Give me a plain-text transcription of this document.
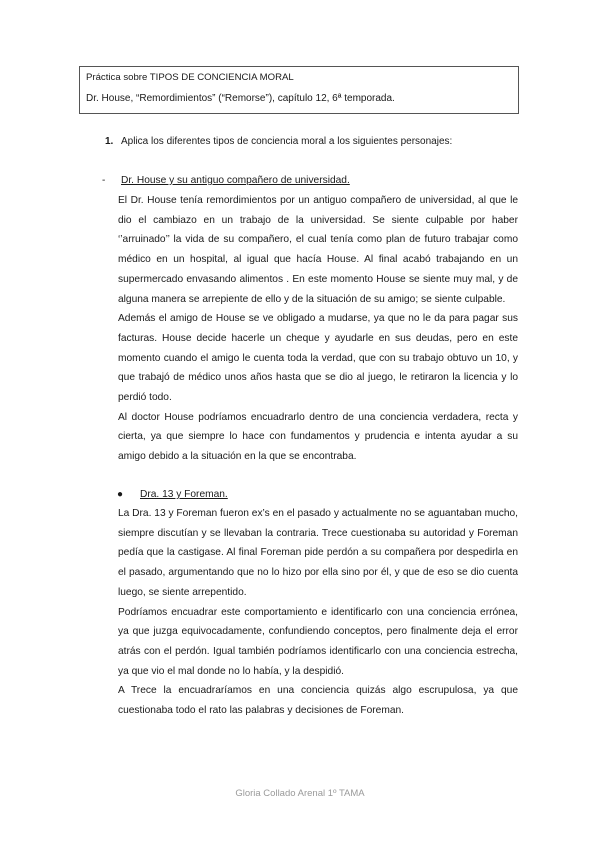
Práctica sobre TIPOS DE CONCIENCIA MORAL
Dr. House, “Remordimientos” (“Remorse”), capítulo 12, 6ª temporada.
1. Aplica los diferentes tipos de conciencia moral a los siguientes personajes:
- Dr. House y su antiguo compañero de universidad.

El Dr. House tenía remordimientos por un antiguo compañero de universidad, al que le dio el cambiazo en un trabajo de la universidad. Se siente culpable por haber ‘’arruinado’’ la vida de su compañero, el cual tenía como plan de futuro trabajar como médico en un hospital, al igual que hacía House. Al final acabó trabajando en un supermercado envasando alimentos . En este momento House se siente muy mal, y de alguna manera se arrepiente de ello y de la situación de su amigo; se siente culpable.

Además el amigo de House se ve obligado a mudarse, ya que no le da para pagar sus facturas. House decide hacerle un cheque y ayudarle en sus deudas, pero en este momento cuando el amigo le cuenta toda la verdad, que con su trabajo obtuvo un 10, y que trabajó de médico unos años hasta que se dio al juego, le retiraron la licencia y lo perdió todo.

Al doctor House podríamos encuadrarlo dentro de una conciencia verdadera, recta y cierta, ya que siempre lo hace con fundamentos y prudencia e intenta ayudar a su amigo debido a la situación en la que se encontraba.

● Dra. 13 y Foreman.

La Dra. 13 y Foreman fueron ex’s en el pasado y actualmente no se aguantaban mucho, siempre discutían y se llevaban la contraria. Trece cuestionaba su autoridad y Foreman pedía que la castigase. Al final Foreman pide perdón a su compañera por despedirla en el pasado, argumentando que no lo hizo por ella sino por él, y que de eso se dio cuenta luego, se siente arrepentido.

Podríamos encuadrar este comportamiento e identificarlo con una conciencia errónea, ya que juzga equivocadamente, confundiendo conceptos, pero finalmente deja el error atrás con el perdón. Igual también podríamos identificarlo con una conciencia estrecha, ya que vio el mal donde no lo había, y la despidió.

A Trece la encuadraríamos en una conciencia quizás algo escrupulosa, ya que cuestionaba todo el rato las palabras y decisiones de Foreman.

Gloria Collado Arenal 1º TAMA
